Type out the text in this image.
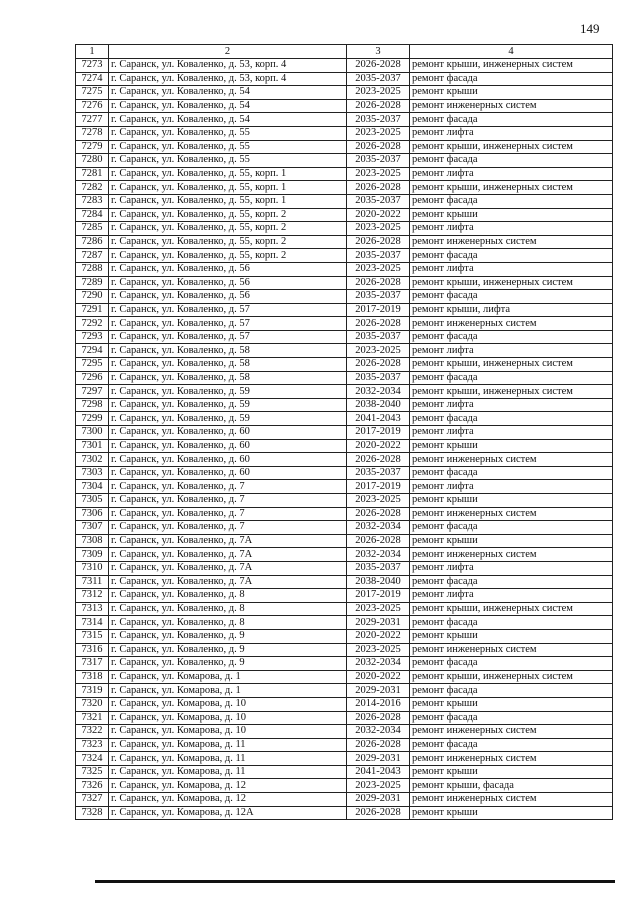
149
1	2	3	4
7273	г. Саранск, ул. Коваленко, д. 53, корп. 4	2026-2028	ремонт крыши, инженерных систем
7274	г. Саранск, ул. Коваленко, д. 53, корп. 4	2035-2037	ремонт фасада
7275	г. Саранск, ул. Коваленко, д. 54	2023-2025	ремонт крыши
7276	г. Саранск, ул. Коваленко, д. 54	2026-2028	ремонт инженерных систем
7277	г. Саранск, ул. Коваленко, д. 54	2035-2037	ремонт фасада
7278	г. Саранск, ул. Коваленко, д. 55	2023-2025	ремонт лифта
7279	г. Саранск, ул. Коваленко, д. 55	2026-2028	ремонт крыши, инженерных систем
7280	г. Саранск, ул. Коваленко, д. 55	2035-2037	ремонт фасада
7281	г. Саранск, ул. Коваленко, д. 55, корп. 1	2023-2025	ремонт лифта
7282	г. Саранск, ул. Коваленко, д. 55, корп. 1	2026-2028	ремонт крыши, инженерных систем
7283	г. Саранск, ул. Коваленко, д. 55, корп. 1	2035-2037	ремонт фасада
7284	г. Саранск, ул. Коваленко, д. 55, корп. 2	2020-2022	ремонт крыши
7285	г. Саранск, ул. Коваленко, д. 55, корп. 2	2023-2025	ремонт лифта
7286	г. Саранск, ул. Коваленко, д. 55, корп. 2	2026-2028	ремонт инженерных систем
7287	г. Саранск, ул. Коваленко, д. 55, корп. 2	2035-2037	ремонт фасада
7288	г. Саранск, ул. Коваленко, д. 56	2023-2025	ремонт лифта
7289	г. Саранск, ул. Коваленко, д. 56	2026-2028	ремонт крыши, инженерных систем
7290	г. Саранск, ул. Коваленко, д. 56	2035-2037	ремонт фасада
7291	г. Саранск, ул. Коваленко, д. 57	2017-2019	ремонт крыши, лифта
7292	г. Саранск, ул. Коваленко, д. 57	2026-2028	ремонт инженерных систем
7293	г. Саранск, ул. Коваленко, д. 57	2035-2037	ремонт фасада
7294	г. Саранск, ул. Коваленко, д. 58	2023-2025	ремонт лифта
7295	г. Саранск, ул. Коваленко, д. 58	2026-2028	ремонт крыши, инженерных систем
7296	г. Саранск, ул. Коваленко, д. 58	2035-2037	ремонт фасада
7297	г. Саранск, ул. Коваленко, д. 59	2032-2034	ремонт крыши, инженерных систем
7298	г. Саранск, ул. Коваленко, д. 59	2038-2040	ремонт лифта
7299	г. Саранск, ул. Коваленко, д. 59	2041-2043	ремонт фасада
7300	г. Саранск, ул. Коваленко, д. 60	2017-2019	ремонт лифта
7301	г. Саранск, ул. Коваленко, д. 60	2020-2022	ремонт крыши
7302	г. Саранск, ул. Коваленко, д. 60	2026-2028	ремонт инженерных систем
7303	г. Саранск, ул. Коваленко, д. 60	2035-2037	ремонт фасада
7304	г. Саранск, ул. Коваленко, д. 7	2017-2019	ремонт лифта
7305	г. Саранск, ул. Коваленко, д. 7	2023-2025	ремонт крыши
7306	г. Саранск, ул. Коваленко, д. 7	2026-2028	ремонт инженерных систем
7307	г. Саранск, ул. Коваленко, д. 7	2032-2034	ремонт фасада
7308	г. Саранск, ул. Коваленко, д. 7А	2026-2028	ремонт крыши
7309	г. Саранск, ул. Коваленко, д. 7А	2032-2034	ремонт инженерных систем
7310	г. Саранск, ул. Коваленко, д. 7А	2035-2037	ремонт лифта
7311	г. Саранск, ул. Коваленко, д. 7А	2038-2040	ремонт фасада
7312	г. Саранск, ул. Коваленко, д. 8	2017-2019	ремонт лифта
7313	г. Саранск, ул. Коваленко, д. 8	2023-2025	ремонт крыши, инженерных систем
7314	г. Саранск, ул. Коваленко, д. 8	2029-2031	ремонт фасада
7315	г. Саранск, ул. Коваленко, д. 9	2020-2022	ремонт крыши
7316	г. Саранск, ул. Коваленко, д. 9	2023-2025	ремонт инженерных систем
7317	г. Саранск, ул. Коваленко, д. 9	2032-2034	ремонт фасада
7318	г. Саранск, ул. Комарова, д. 1	2020-2022	ремонт крыши, инженерных систем
7319	г. Саранск, ул. Комарова, д. 1	2029-2031	ремонт фасада
7320	г. Саранск, ул. Комарова, д. 10	2014-2016	ремонт крыши
7321	г. Саранск, ул. Комарова, д. 10	2026-2028	ремонт фасада
7322	г. Саранск, ул. Комарова, д. 10	2032-2034	ремонт инженерных систем
7323	г. Саранск, ул. Комарова, д. 11	2026-2028	ремонт фасада
7324	г. Саранск, ул. Комарова, д. 11	2029-2031	ремонт инженерных систем
7325	г. Саранск, ул. Комарова, д. 11	2041-2043	ремонт крыши
7326	г. Саранск, ул. Комарова, д. 12	2023-2025	ремонт крыши, фасада
7327	г. Саранск, ул. Комарова, д. 12	2029-2031	ремонт инженерных систем
7328	г. Саранск, ул. Комарова, д. 12А	2026-2028	ремонт крыши
